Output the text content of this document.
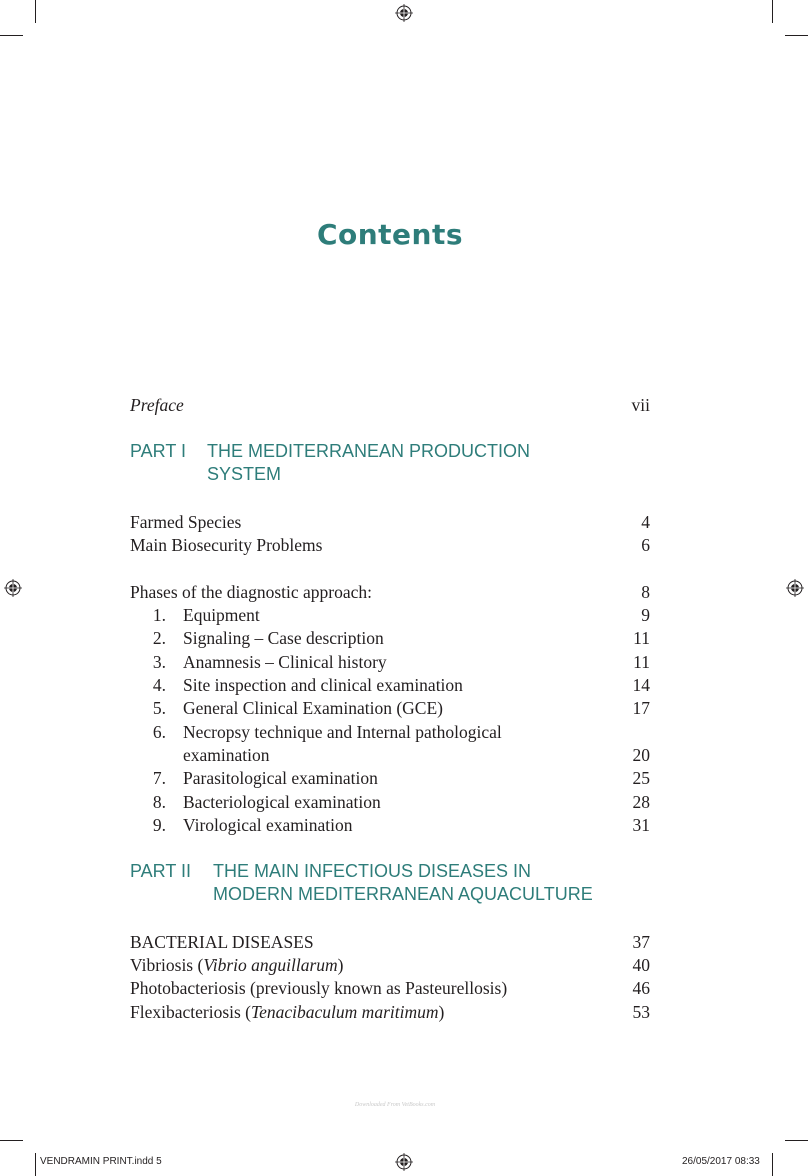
Contents
Preface	vii
PART I THE MEDITERRANEAN PRODUCTION
SYSTEM
Farmed Species	4
Main Biosecurity Problems	6
Phases of the diagnostic approach:	8
1. Equipment	9
2. Signaling – Case description	11
3. Anamnesis – Clinical history	11
4. Site inspection and clinical examination	14
5. General Clinical Examination (GCE)	17
6. Necropsy technique and Internal pathological
examination	20
7. Parasitological examination	25
8. Bacteriological examination	28
9. Virological examination	31
PART II THE MAIN INFECTIOUS DISEASES IN
MODERN MEDITERRANEAN AQUACULTURE
BACTERIAL DISEASES	37
Vibriosis (Vibrio anguillarum)	40
Photobacteriosis (previously known as Pasteurellosis)	46
Flexibacteriosis (Tenacibaculum maritimum)	53
Downloaded From VetBooks.com
VENDRAMIN PRINT.indd 5	26/05/2017 08:33
